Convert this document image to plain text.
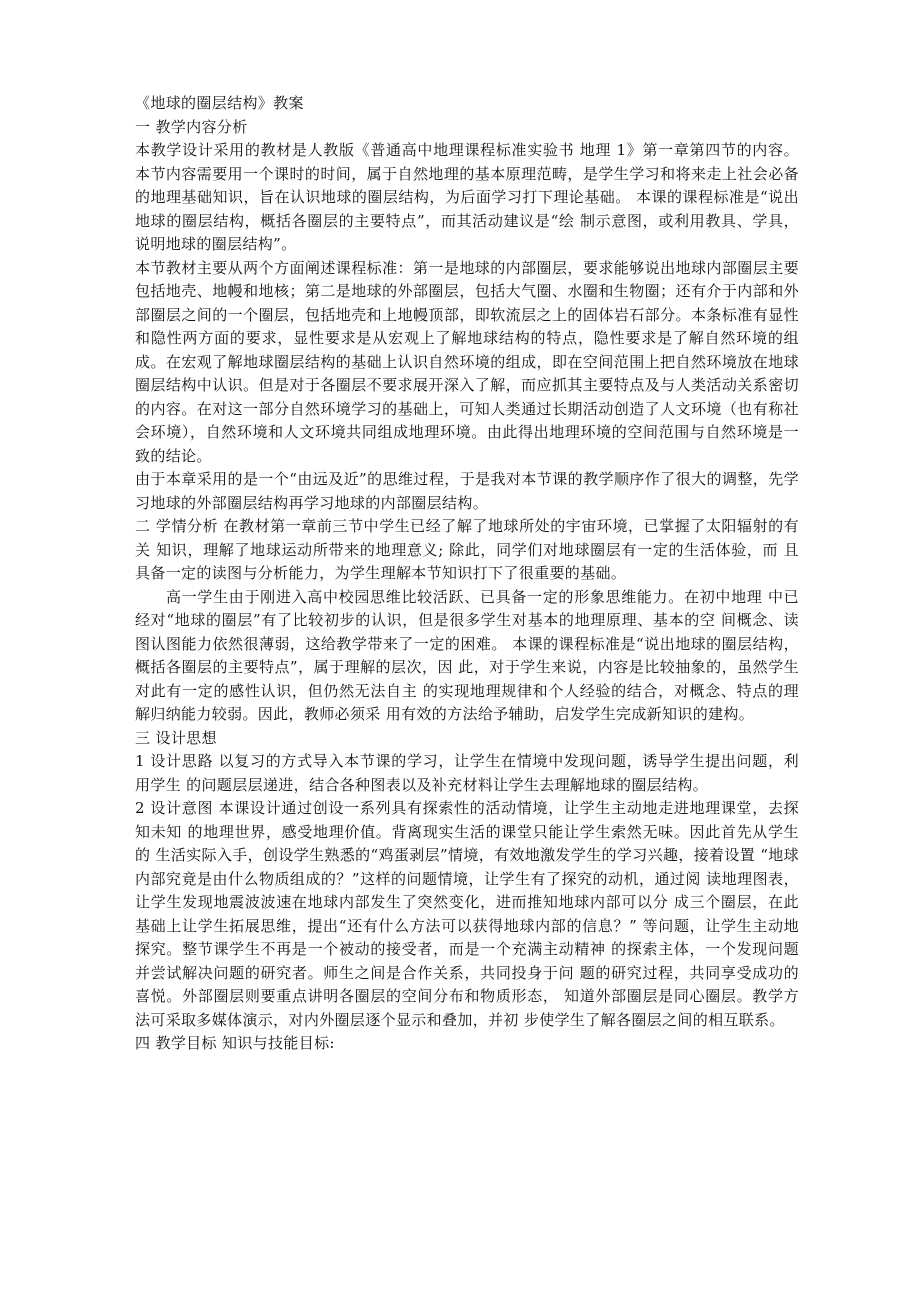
《地球的圈层结构》教案

一 教学内容分析

本教学设计采用的教材是人教版《普通高中地理课程标准实验书 地理 1》第一章第四节的内容。本节内容需要用一个课时的时间，属于自然地理的基本原理范畴，是学生学习和将来走上社会必备的地理基础知识，旨在认识地球的圈层结构，为后面学习打下理论基础。 本课的课程标准是“说出地球的圈层结构，概括各圈层的主要特点”，而其活动建议是“绘 制示意图，或利用教具、学具，说明地球的圈层结构”。

本节教材主要从两个方面阐述课程标准：第一是地球的内部圈层，要求能够说出地球内部圈层主要包括地壳、地幔和地核；第二是地球的外部圈层，包括大气圈、水圈和生物圈；还有介于内部和外部圈层之间的一个圈层，包括地壳和上地幔顶部，即软流层之上的固体岩石部分。本条标准有显性和隐性两方面的要求，显性要求是从宏观上了解地球结构的特点，隐性要求是了解自然环境的组成。在宏观了解地球圈层结构的基础上认识自然环境的组成，即在空间范围上把自然环境放在地球圈层结构中认识。但是对于各圈层不要求展开深入了解，而应抓其主要特点及与人类活动关系密切的内容。在对这一部分自然环境学习的基础上，可知人类通过长期活动创造了人文环境（也有称社会环境），自然环境和人文环境共同组成地理环境。由此得出地理环境的空间范围与自然环境是一致的结论。

由于本章采用的是一个“由远及近”的思维过程，于是我对本节课的教学顺序作了很大的调整，先学习地球的外部圈层结构再学习地球的内部圈层结构。

二 学情分析 在教材第一章前三节中学生已经了解了地球所处的宇宙环境，已掌握了太阳辐射的有关 知识，理解了地球运动所带来的地理意义; 除此，同学们对地球圈层有一定的生活体验，而 且具备一定的读图与分析能力，为学生理解本节知识打下了很重要的基础。

高一学生由于刚进入高中校园思维比较活跃、已具备一定的形象思维能力。在初中地理 中已经对“地球的圈层”有了比较初步的认识，但是很多学生对基本的地理原理、基本的空 间概念、读图认图能力依然很薄弱，这给教学带来了一定的困难。 本课的课程标准是“说出地球的圈层结构，概括各圈层的主要特点”，属于理解的层次，因 此，对于学生来说，内容是比较抽象的，虽然学生对此有一定的感性认识，但仍然无法自主 的实现地理规律和个人经验的结合，对概念、特点的理解归纳能力较弱。因此，教师必须采 用有效的方法给予辅助，启发学生完成新知识的建构。

三 设计思想

1 设计思路 以复习的方式导入本节课的学习，让学生在情境中发现问题，诱导学生提出问题，利用学生 的问题层层递进，结合各种图表以及补充材料让学生去理解地球的圈层结构。

2 设计意图 本课设计通过创设一系列具有探索性的活动情境，让学生主动地走进地理课堂，去探知未知 的地理世界，感受地理价值。背离现实生活的课堂只能让学生索然无味。因此首先从学生的 生活实际入手，创设学生熟悉的“鸡蛋剥层”情境，有效地激发学生的学习兴趣，接着设置 “地球内部究竟是由什么物质组成的？”这样的问题情境，让学生有了探究的动机，通过阅 读地理图表，让学生发现地震波波速在地球内部发生了突然变化，进而推知地球内部可以分 成三个圈层，在此基础上让学生拓展思维，提出“还有什么方法可以获得地球内部的信息？” 等问题，让学生主动地探究。整节课学生不再是一个被动的接受者，而是一个充满主动精神 的探索主体，一个发现问题并尝试解决问题的研究者。师生之间是合作关系，共同投身于问 题的研究过程，共同享受成功的喜悦。外部圈层则要重点讲明各圈层的空间分布和物质形态， 知道外部圈层是同心圈层。教学方法可采取多媒体演示，对内外圈层逐个显示和叠加，并初 步使学生了解各圈层之间的相互联系。

四 教学目标 知识与技能目标:
